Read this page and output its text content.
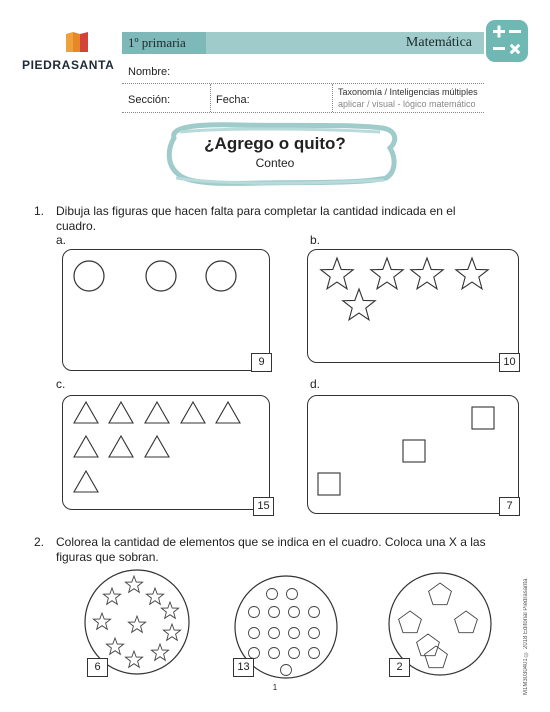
PIEDRASANTA
1º primaria	Matemática
Nombre:
Sección:	Fecha:
Taxonomía / Inteligencias múltiples
aplicar / visual - lógico matemático
¿Agrego o quito?
Conteo
1. Dibuja las figuras que hacen falta para completar la cantidad indicada en el cuadro.
a.	b.
c.	d.
9	10
15	7
2. Colorea la cantidad de elementos que se indica en el cuadro. Coloca una X a las figuras que sobran.
6	13	2	M1M3030401 © 2018 Editorial Piedrasanta
1
